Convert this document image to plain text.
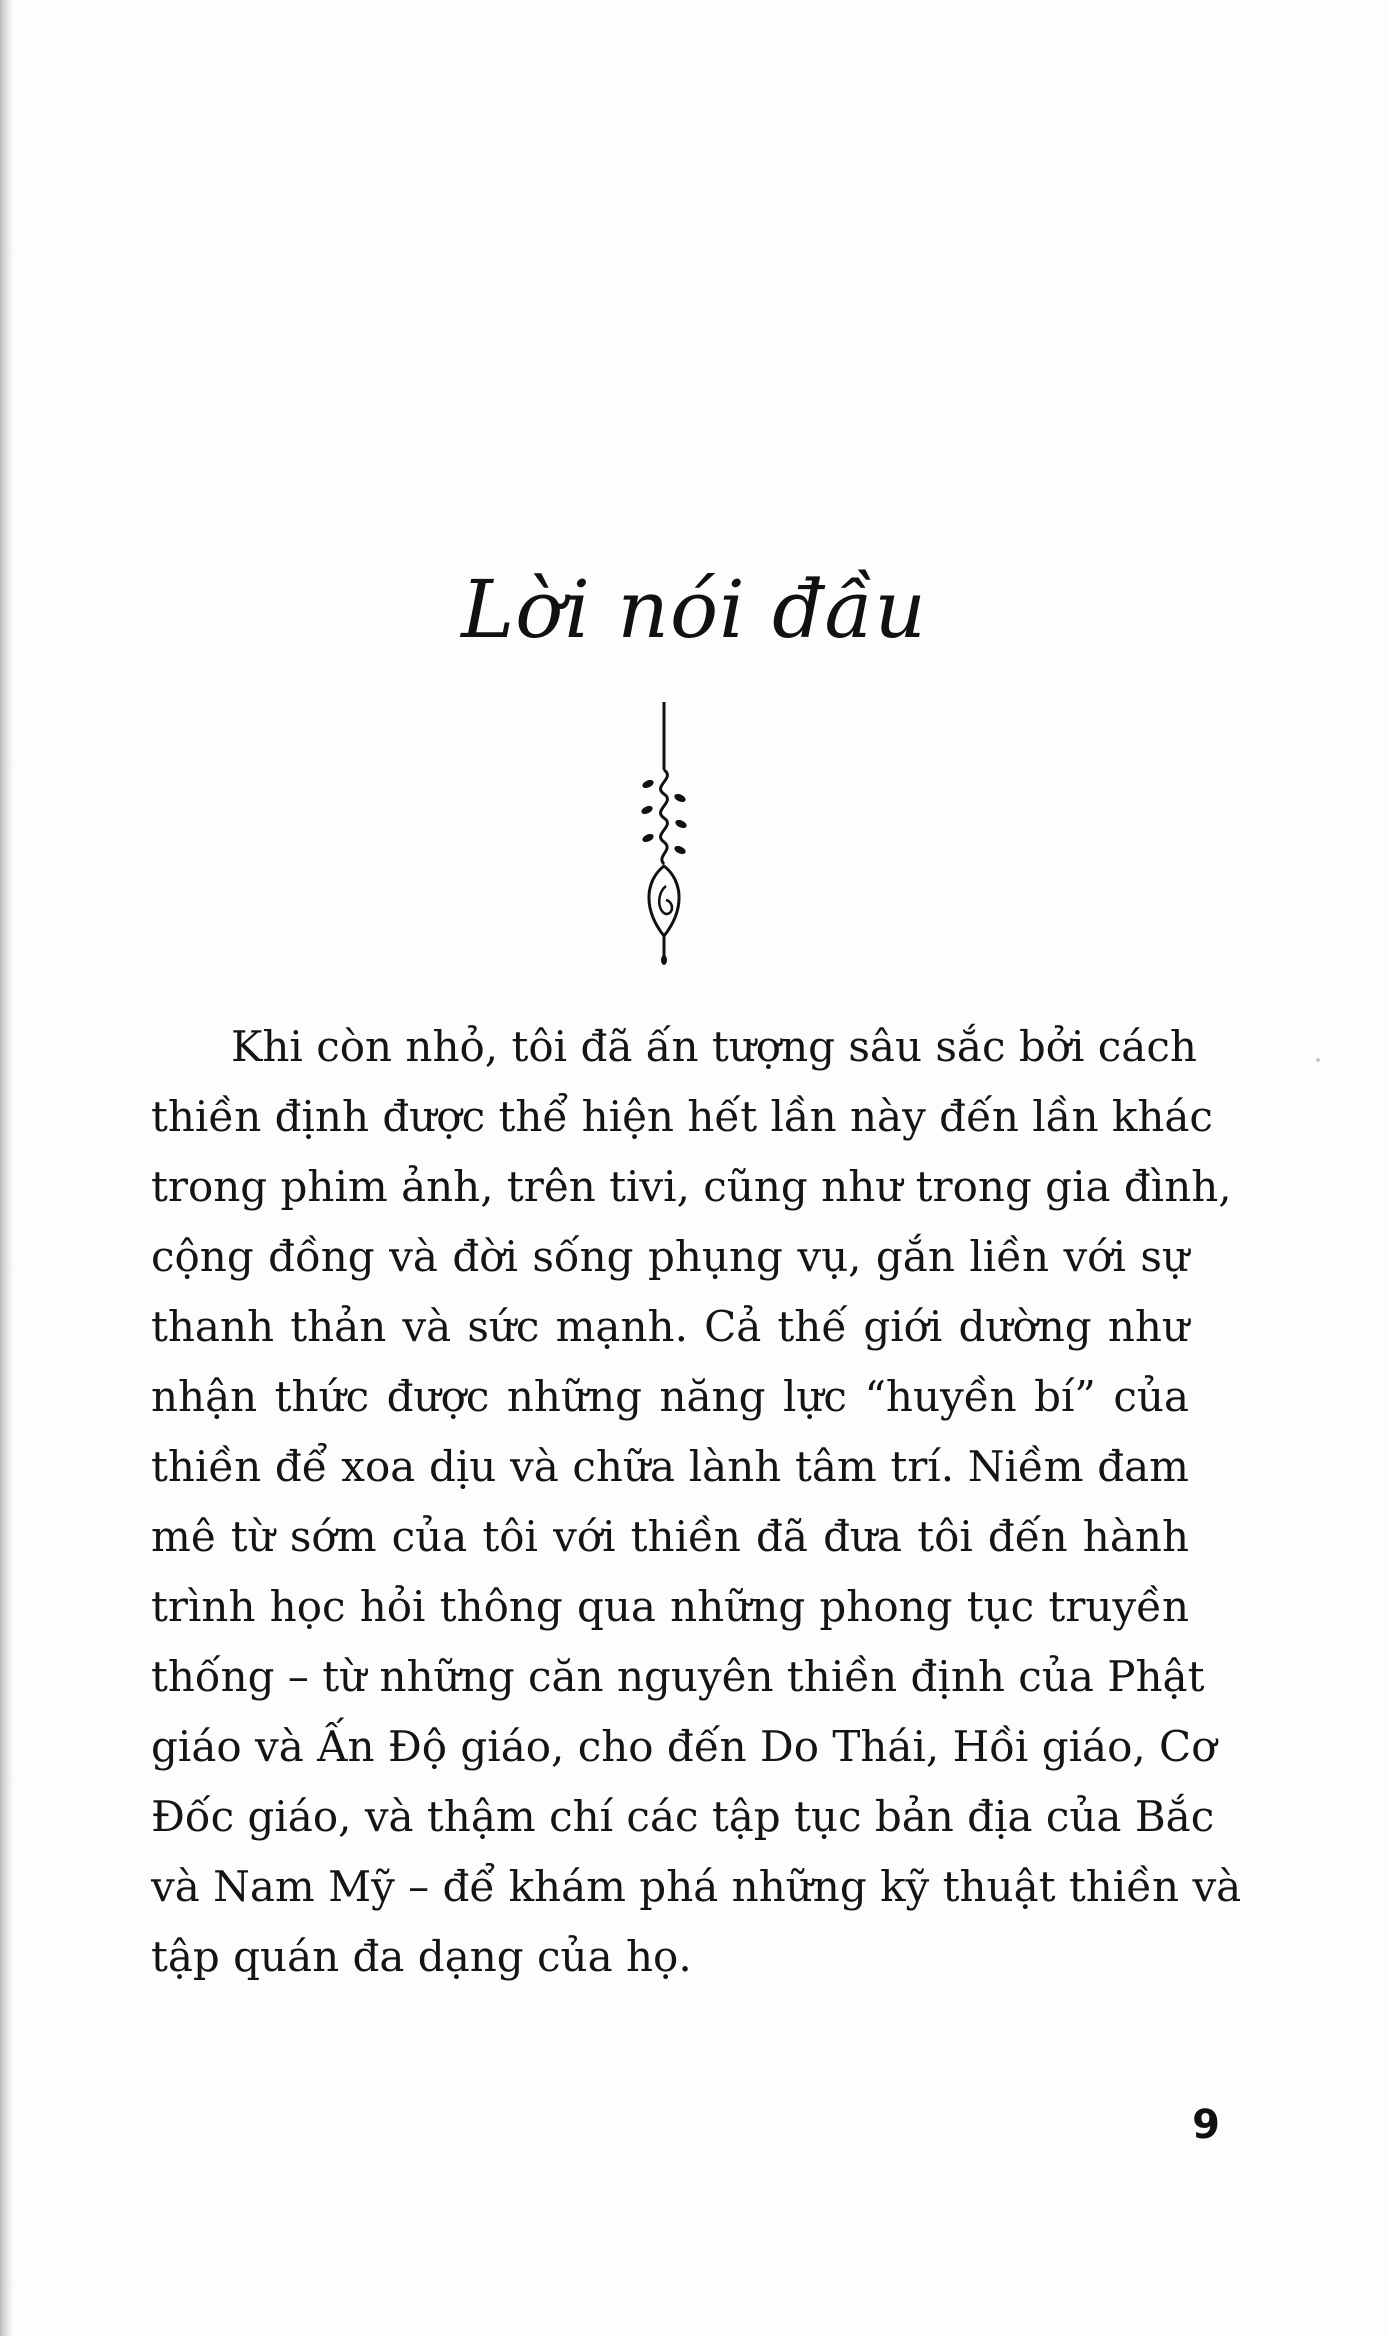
Lời nói đầu
Khi còn nhỏ, tôi đã ấn tượng sâu sắc bởi cách
thiền định được thể hiện hết lần này đến lần khác
trong phim ảnh, trên tivi, cũng như trong gia đình,
cộng đồng và đời sống phụng vụ, gắn liền với sự
thanh thản và sức mạnh. Cả thế giới dường như
nhận thức được những năng lực “huyền bí” của
thiền để xoa dịu và chữa lành tâm trí. Niềm đam
mê từ sớm của tôi với thiền đã đưa tôi đến hành
trình học hỏi thông qua những phong tục truyền
thống – từ những căn nguyên thiền định của Phật
giáo và Ấn Độ giáo, cho đến Do Thái, Hồi giáo, Cơ
Đốc giáo, và thậm chí các tập tục bản địa của Bắc
và Nam Mỹ – để khám phá những kỹ thuật thiền và
tập quán đa dạng của họ.
9
